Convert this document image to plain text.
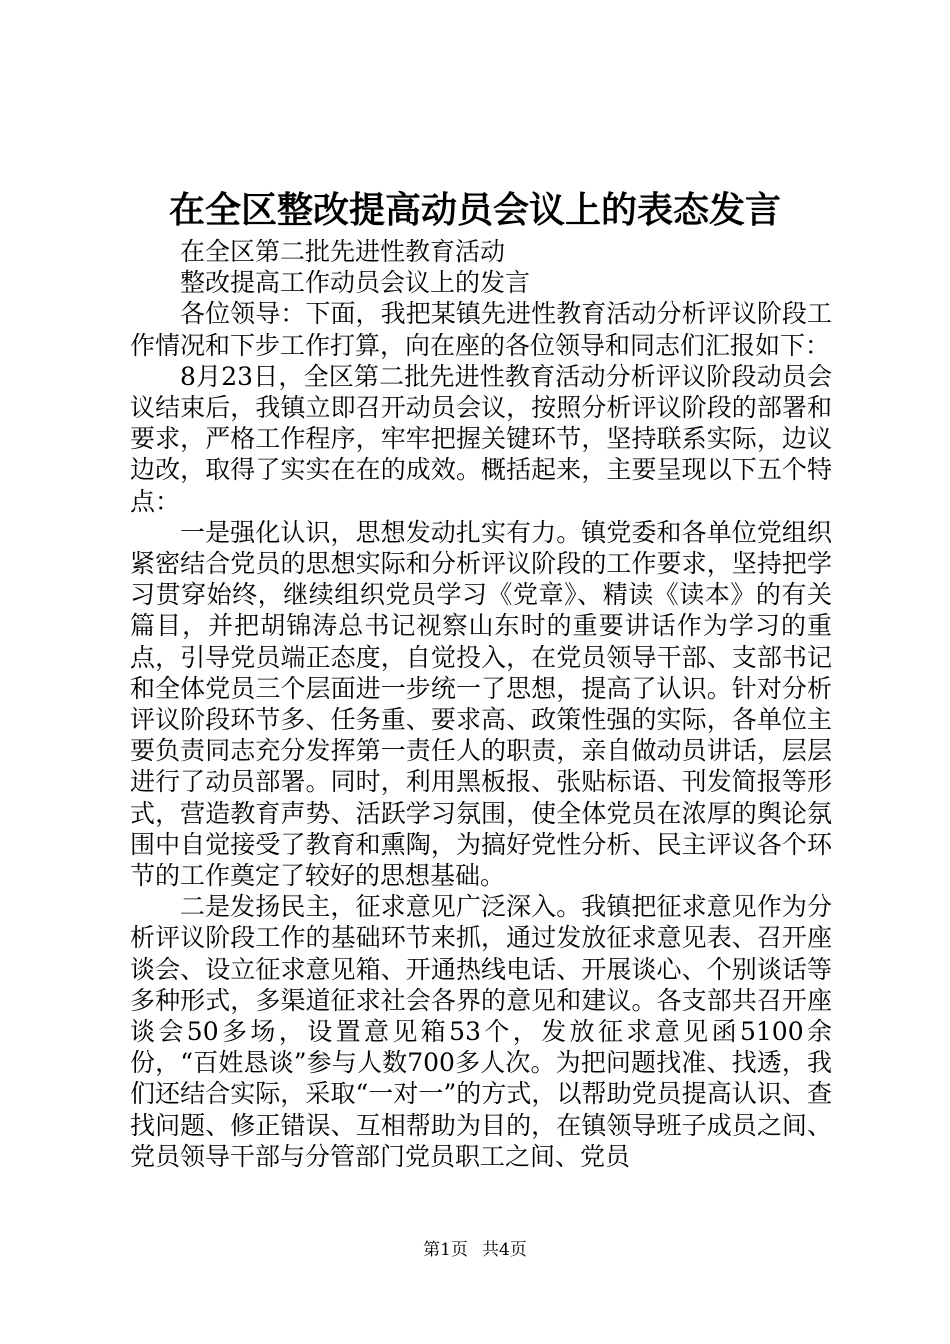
在全区整改提高动员会议上的表态发言

在全区第二批先进性教育活动

整改提高工作动员会议上的发言

各位领导：下面，我把某镇先进性教育活动分析评议阶段工作情况和下步工作打算，向在座的各位领导和同志们汇报如下：

8月23日，全区第二批先进性教育活动分析评议阶段动员会议结束后，我镇立即召开动员会议，按照分析评议阶段的部署和要求，严格工作程序，牢牢把握关键环节，坚持联系实际，边议边改，取得了实实在在的成效。概括起来，主要呈现以下五个特点：

一是强化认识，思想发动扎实有力。镇党委和各单位党组织紧密结合党员的思想实际和分析评议阶段的工作要求，坚持把学习贯穿始终，继续组织党员学习《党章》、精读《读本》的有关篇目，并把胡锦涛总书记视察山东时的重要讲话作为学习的重点，引导党员端正态度，自觉投入，在党员领导干部、支部书记和全体党员三个层面进一步统一了思想，提高了认识。针对分析评议阶段环节多、任务重、要求高、政策性强的实际，各单位主要负责同志充分发挥第一责任人的职责，亲自做动员讲话，层层进行了动员部署。同时，利用黑板报、张贴标语、刊发简报等形式，营造教育声势、活跃学习氛围，使全体党员在浓厚的舆论氛围中自觉接受了教育和熏陶，为搞好党性分析、民主评议各个环节的工作奠定了较好的思想基础。

二是发扬民主，征求意见广泛深入。我镇把征求意见作为分析评议阶段工作的基础环节来抓，通过发放征求意见表、召开座谈会、设立征求意见箱、开通热线电话、开展谈心、个别谈话等多种形式，多渠道征求社会各界的意见和建议。各支部共召开座谈会50多场，设置意见箱53个，发放征求意见函5100余份，“百姓恳谈”参与人数700多人次。为把问题找准、找透，我们还结合实际，采取“一对一”的方式，以帮助党员提高认识、查找问题、修正错误、互相帮助为目的，在镇领导班子成员之间、党员领导干部与分管部门党员职工之间、党员

第1页 共4页
